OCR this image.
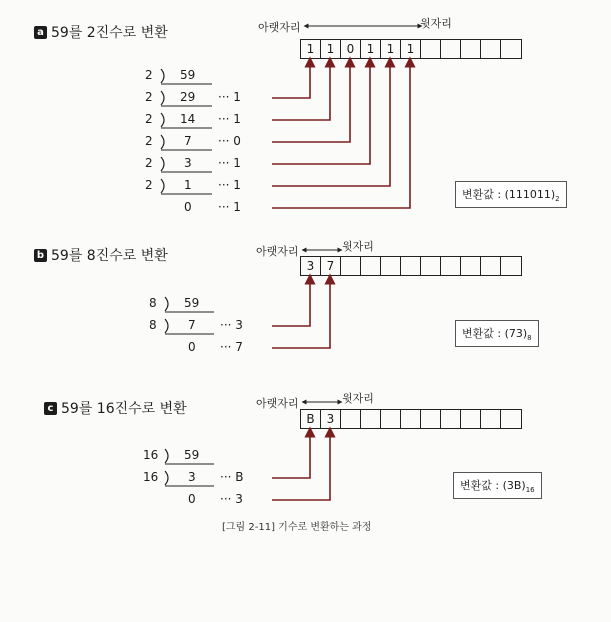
a 59를 2진수로 변환	아랫자리	윗자리
1	1	0	1	1	1
2 59
2 29 ··· 1
2 14 ··· 1
2	7 ··· 0
2	3 ··· 1
2	1 ··· 1
0 ··· 1
변환값 : $(111011)_2$
b 59를 8진수로 변환	아랫자리	윗자리
3	7
8 59
8	7 ··· 3
0 ··· 7
변환값 : $(73)_8$
c 59를 16진수로 변환	아랫자리	윗자리
B	3
16 59
16 3 ··· B
0 ··· 3
변환값 : $(3B)_{16}$
[그림 2-11] 기수로 변환하는 과정
